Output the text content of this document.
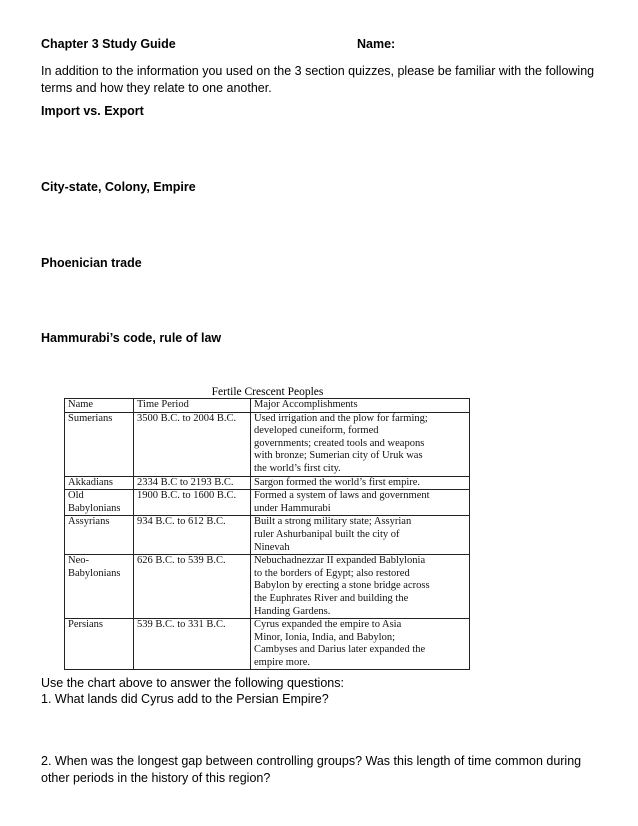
Chapter 3 Study Guide	Name:
In addition to the information you used on the 3 section quizzes, please be familiar with the following
terms and how they relate to one another.
Import vs. Export
City-state, Colony, Empire
Phoenician trade
Hammurabi’s code, rule of law
Fertile Crescent Peoples
Name	Time Period	Major Accomplishments
Sumerians	3500 B.C. to 2004 B.C.	Used irrigation and the plow for farming;
developed cuneiform, formed
governments; created tools and weapons
with bronze; Sumerian city of Uruk was
the world’s first city.

Akkadians	2334 B.C to 2193 B.C.	Sargon formed the world’s first empire.

Old Babylonians	1900 B.C. to 1600 B.C.	Formed a system of laws and government
under Hammurabi

Assyrians	934 B.C. to 612 B.C.	Built a strong military state; Assyrian
ruler Ashurbanipal built the city of
Ninevah

Neo-Babylonians	626 B.C. to 539 B.C.	Nebuchadnezzar II expanded Bablylonia
to the borders of Egypt; also restored
Babylon by erecting a stone bridge across
the Euphrates River and building the
Handing Gardens.

Persians	539 B.C. to 331 B.C.	Cyrus expanded the empire to Asia
Minor, Ionia, India, and Babylon;
Cambyses and Darius later expanded the
empire more.
Use the chart above to answer the following questions:
1. What lands did Cyrus add to the Persian Empire?
2. When was the longest gap between controlling groups? Was this length of time common during
other periods in the history of this region?
